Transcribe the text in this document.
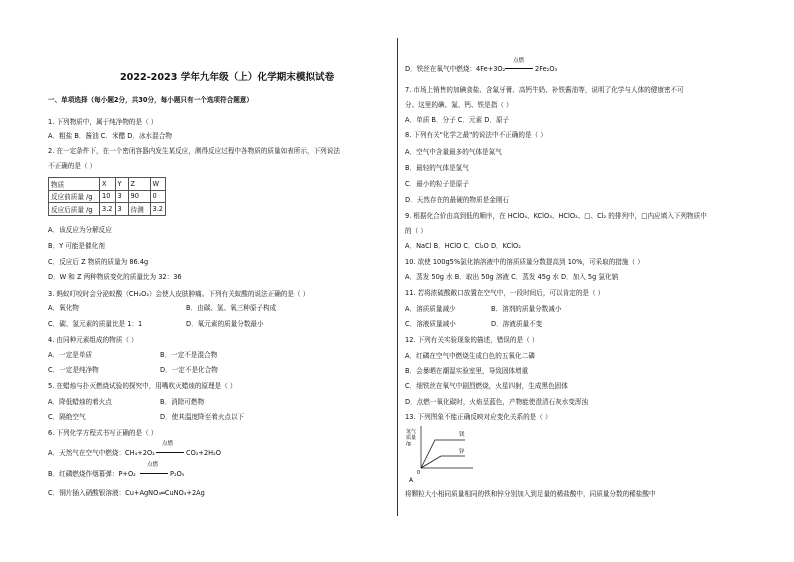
2022-2023 学年九年级（上）化学期末模拟试卷
一、单项选择（每小题2分，共30分，每小题只有一个选项符合题意）
1. 下列物质中，属于纯净物的是（ ）
A．粗盐 B．酱油 C．米醋 D．冰水混合物
2. 在一定条件下，在一个密闭容器内发生某反应，测得反应过程中各物质的质量如表所示，下列说法
不正确的是（ ）
物质	X	Y	Z	W
反应前质量 /g	10	3	90	0
反应后质量 /g	3.2	3	待测	3.2
A．该反应为分解反应
B．Y 可能是催化剂
C．反应后 Z 物质的质量为 86.4g
D．W 和 Z 两种物质变化的质量比为 32：36
3. 蚂蚁叮咬时会分泌蚁酸（CH₂O₂）会使人皮肤肿痛。下列有关蚁酸的说法正确的是（ ）
A．氧化物	B．由碳、氢、氧三种原子构成
C．碳、氢元素的质量比是 1：1	D．氧元素的质量分数最小
4. 由同种元素组成的物质（ ）
A．一定是单质	B．一定不是混合物
C．一定是纯净物	D．一定不是化合物
5. 在蜡烛与扑灭燃烧试验的探究中，用嘴吹灭蜡烛的原理是（ ）
A．降低蜡烛的着火点	B．消除可燃物
C．隔绝空气	D．使其温度降至着火点以下
6. 下列化学方程式书写正确的是（ ）
点燃
A．天然气在空气中燃烧：CH₄+2O₂	CO₂+2H₂O
点燃
B．红磷燃烧作烟幕弹：P+O₂	P₂O₅
C．铜片插入硝酸银溶液：Cu+AgNO₃═CuNO₃+2Ag
点燃
D．铁丝在氧气中燃烧：4Fe+3O₂	2Fe₂O₃
7. 市场上销售的加碘食盐、含氟牙膏、高钙牛奶、补铁酱油等，说明了化学与人体的健康密不可
分。这里的碘、氟、钙、铁是指（ ）
A．单质 B．分子 C．元素 D．原子
8. 下列有关"化学之最"的说法中不正确的是（ ）
A．空气中含量最多的气体是氮气
B．最轻的气体是氢气
C．最小的粒子是原子
D．天然存在的最硬的物质是金刚石
9. 根据化合价由高到低的顺序，在 HClO₄、KClO₃、HClO₂、□、Cl₂ 的排列中，□内应填入下列物质中
的（ ）
A．NaCl B．HClO C．Cl₂O D．KClO₂
10. 欲使 100g5%氯化钠溶液中的溶质质量分数提高到 10%，可采取的措施（ ）
A．蒸发 50g 水 B．取出 50g 溶液 C．蒸发 45g 水 D．加入 5g 氯化钠
11. 若将浓硫酸敞口放置在空气中，一段时间后，可以肯定的是（ ）
A．溶质质量减少	B．溶剂的质量分数减小
C．溶液质量减小	D．溶液质量不变
12. 下列有关实验现象的描述，错误的是（ ）
A．红磷在空气中燃烧生成白色的五氧化二磷
B．会暴晒在潮湿实验室里，导致固体增重
C．细铁丝在氧气中剧烈燃烧，火星四射，生成黑色固体
D．点燃一氧化碳时，火焰呈蓝色，产物能使澄清石灰水变浑浊
13. 下列图象不能正确反映对应变化关系的是（ ）
氢气
质量
/g
镁
锌
0
A
将颗粒大小相同质量相同的铁和锌分别加入到足量的稀盐酸中，同质量分数的稀盐酸中
